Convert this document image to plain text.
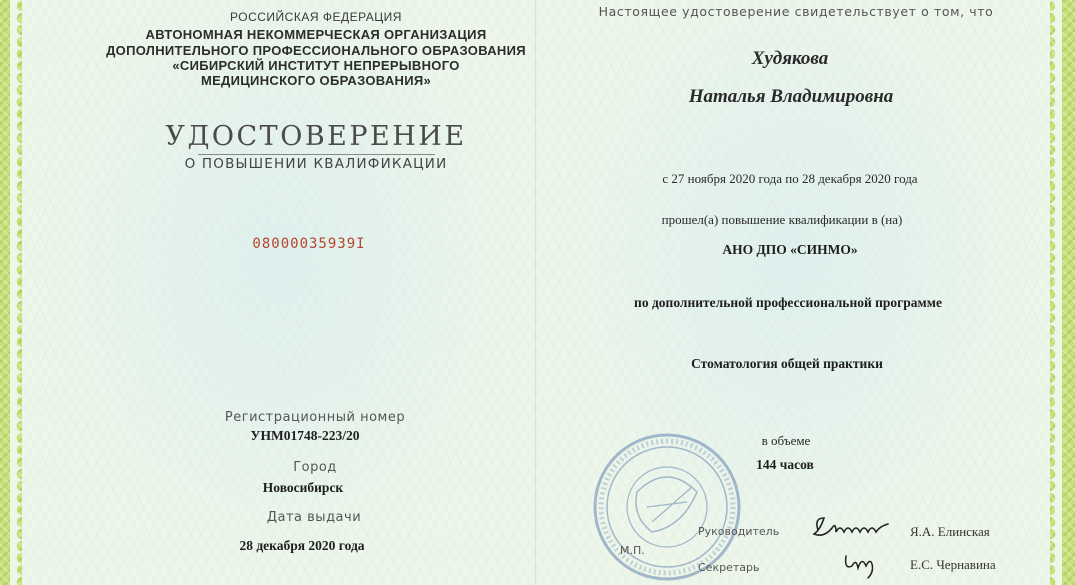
РОССИЙСКАЯ ФЕДЕРАЦИЯ
АВТОНОМНАЯ НЕКОММЕРЧЕСКАЯ ОРГАНИЗАЦИЯ
ДОПОЛНИТЕЛЬНОГО ПРОФЕССИОНАЛЬНОГО ОБРАЗОВАНИЯ
«СИБИРСКИЙ ИНСТИТУТ НЕПРЕРЫВНОГО
МЕДИЦИНСКОГО ОБРАЗОВАНИЯ»
УДОСТОВЕРЕНИЕ
О ПОВЫШЕНИИ КВАЛИФИКАЦИИ
08000035939I
Регистрационный номер
УНМ01748-223/20
Город
Новосибирск
Дата выдачи
28 декабря 2020 года
Настоящее удостоверение свидетельствует о том, что
Худякова
Наталья Владимировна
с 27 ноября 2020 года по 28 декабря 2020 года
прошел(а) повышение квалификации в (на)
АНО ДПО «СИНМО»
по дополнительной профессиональной программе
Стоматология общей практики
в объеме
144 часов
М.П.
Руководитель
Секретарь
Я.А. Елинская
Е.С. Чернавина
